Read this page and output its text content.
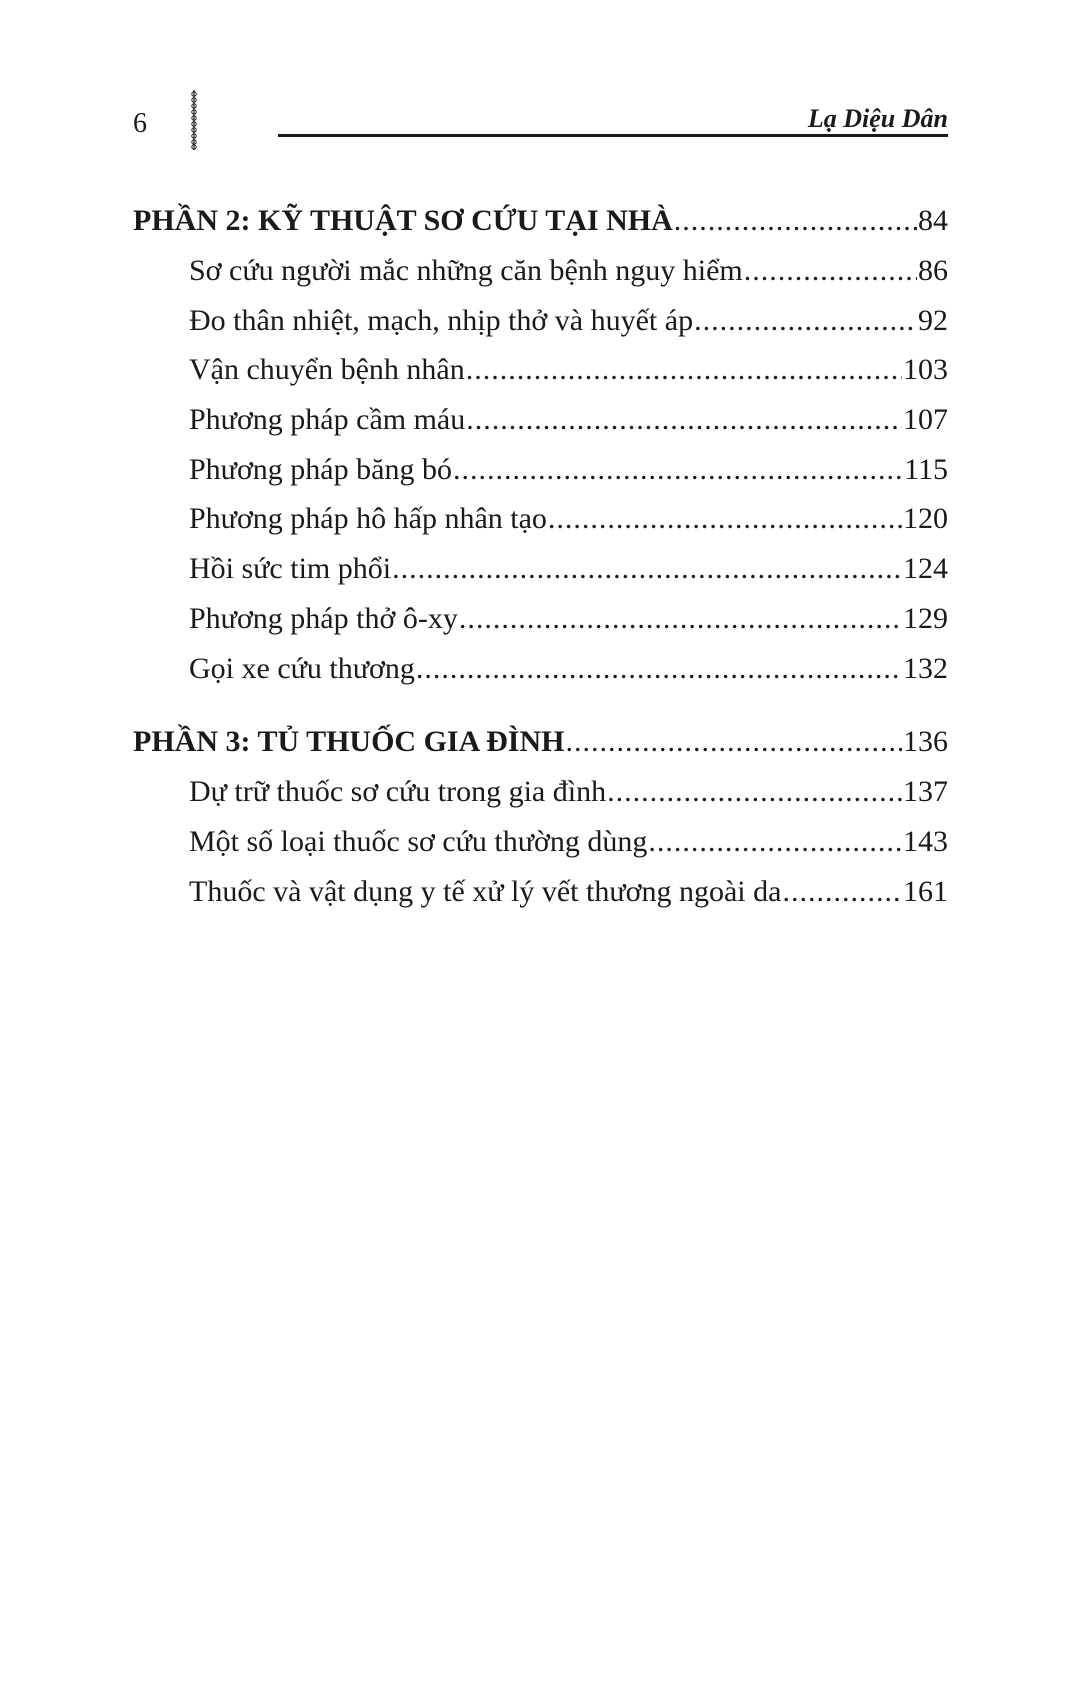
6	Lạ Diệu Dân
PHẦN 2: KỸ THUẬT SƠ CỨU TẠI NHÀ .....	84
Sơ cứu người mắc những căn bệnh nguy hiểm .....	86
Đo thân nhiệt, mạch, nhịp thở và huyết áp .....	92
Vận chuyển bệnh nhân .....	103
Phương pháp cầm máu .....	107
Phương pháp băng bó .....	115
Phương pháp hô hấp nhân tạo .....	120
Hồi sức tim phổi .....	124
Phương pháp thở ô-xy .....	129
Gọi xe cứu thương .....	132
PHẦN 3: TỦ THUỐC GIA ĐÌNH .....	136
Dự trữ thuốc sơ cứu trong gia đình .....	137
Một số loại thuốc sơ cứu thường dùng .....	143
Thuốc và vật dụng y tế xử lý vết thương ngoài da .....	161
